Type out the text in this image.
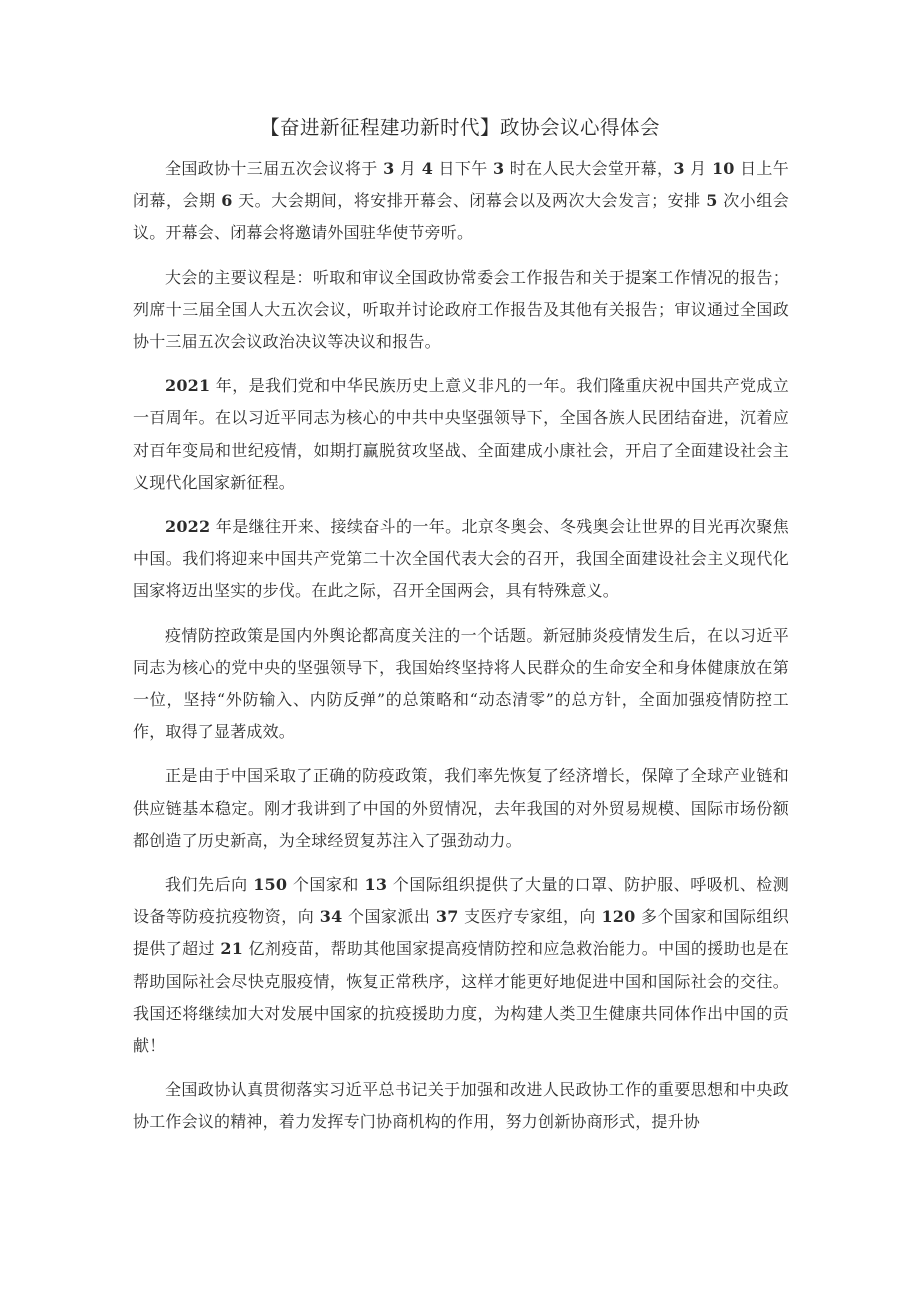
【奋进新征程建功新时代】政协会议心得体会

全国政协十三届五次会议将于 3 月 4 日下午 3 时在人民大会堂开幕，3 月 10 日上午闭幕，会期 6 天。大会期间，将安排开幕会、闭幕会以及两次大会发言；安排 5 次小组会议。开幕会、闭幕会将邀请外国驻华使节旁听。

大会的主要议程是：听取和审议全国政协常委会工作报告和关于提案工作情况的报告；列席十三届全国人大五次会议，听取并讨论政府工作报告及其他有关报告；审议通过全国政协十三届五次会议政治决议等决议和报告。

2021 年，是我们党和中华民族历史上意义非凡的一年。我们隆重庆祝中国共产党成立一百周年。在以习近平同志为核心的中共中央坚强领导下，全国各族人民团结奋进，沉着应对百年变局和世纪疫情，如期打赢脱贫攻坚战、全面建成小康社会，开启了全面建设社会主义现代化国家新征程。

2022 年是继往开来、接续奋斗的一年。北京冬奥会、冬残奥会让世界的目光再次聚焦中国。我们将迎来中国共产党第二十次全国代表大会的召开，我国全面建设社会主义现代化国家将迈出坚实的步伐。在此之际，召开全国两会，具有特殊意义。

疫情防控政策是国内外舆论都高度关注的一个话题。新冠肺炎疫情发生后，在以习近平同志为核心的党中央的坚强领导下，我国始终坚持将人民群众的生命安全和身体健康放在第一位，坚持“外防输入、内防反弹”的总策略和“动态清零”的总方针，全面加强疫情防控工作，取得了显著成效。

正是由于中国采取了正确的防疫政策，我们率先恢复了经济增长，保障了全球产业链和供应链基本稳定。刚才我讲到了中国的外贸情况，去年我国的对外贸易规模、国际市场份额都创造了历史新高，为全球经贸复苏注入了强劲动力。

我们先后向 150 个国家和 13 个国际组织提供了大量的口罩、防护服、呼吸机、检测设备等防疫抗疫物资，向 34 个国家派出 37 支医疗专家组，向 120 多个国家和国际组织提供了超过 21 亿剂疫苗，帮助其他国家提高疫情防控和应急救治能力。中国的援助也是在帮助国际社会尽快克服疫情，恢复正常秩序，这样才能更好地促进中国和国际社会的交往。我国还将继续加大对发展中国家的抗疫援助力度，为构建人类卫生健康共同体作出中国的贡献！

全国政协认真贯彻落实习近平总书记关于加强和改进人民政协工作的重要思想和中央政协工作会议的精神，着力发挥专门协商机构的作用，努力创新协商形式，提升协
